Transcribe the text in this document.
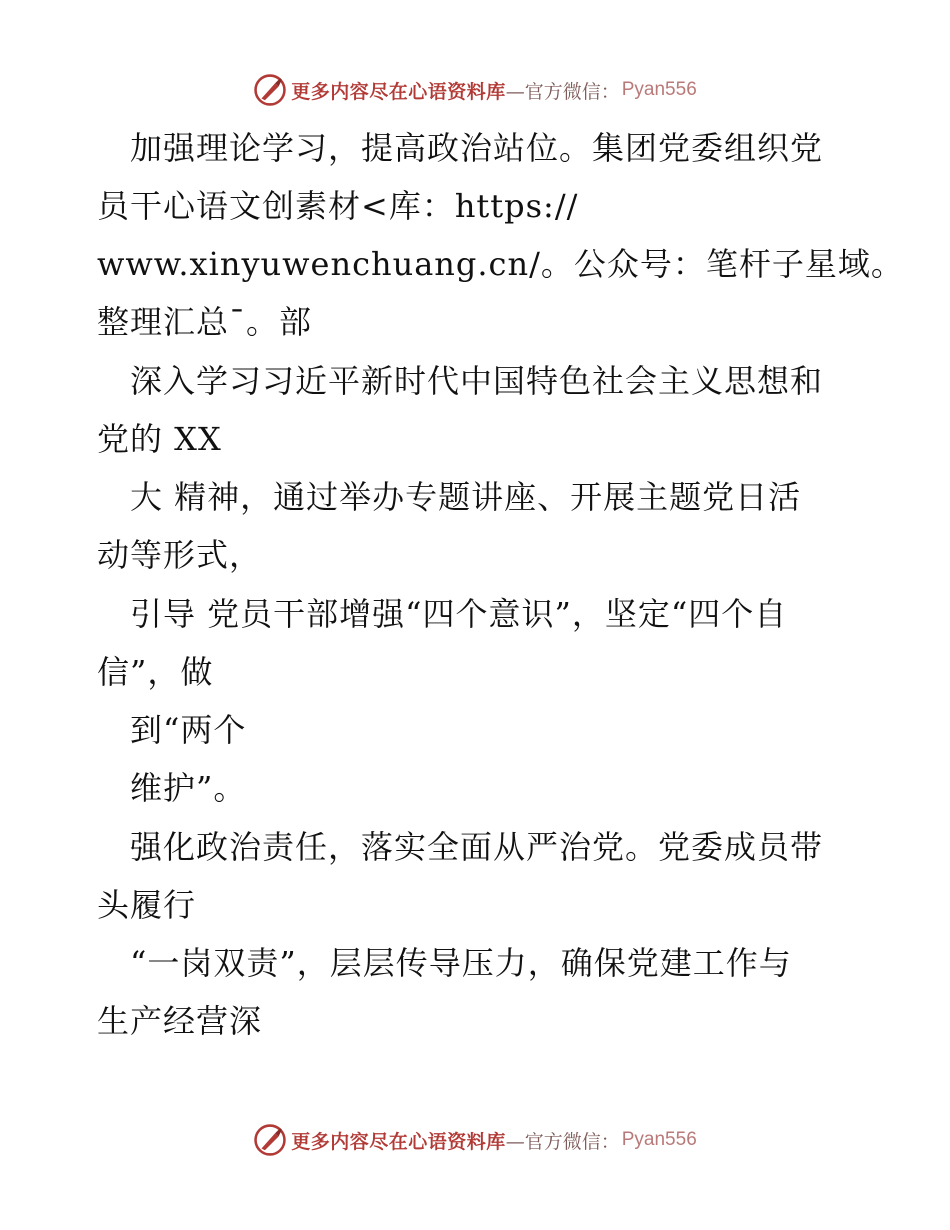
更多内容尽在心语资料库 —官方微信： Pyan556
　加强理论学习，提高政治站位。集团党委组织党
员干心语文创素材<库：https://
www.xinyuwenchuang.cn/。公众号：笔杆子星域。
整理汇总¯。部
　深入学习习近平新时代中国特色社会主义思想和
党的 XX
　大 精神，通过举办专题讲座、开展主题党日活
动等形式，
　引导 党员干部增强“四个意识”，坚定“四个自
信”，做
　到“两个
　维护”。
　强化政治责任，落实全面从严治党。党委成员带
头履行
　“一岗双责”，层层传导压力，确保党建工作与
生产经营深
更多内容尽在心语资料库 —官方微信： Pyan556
